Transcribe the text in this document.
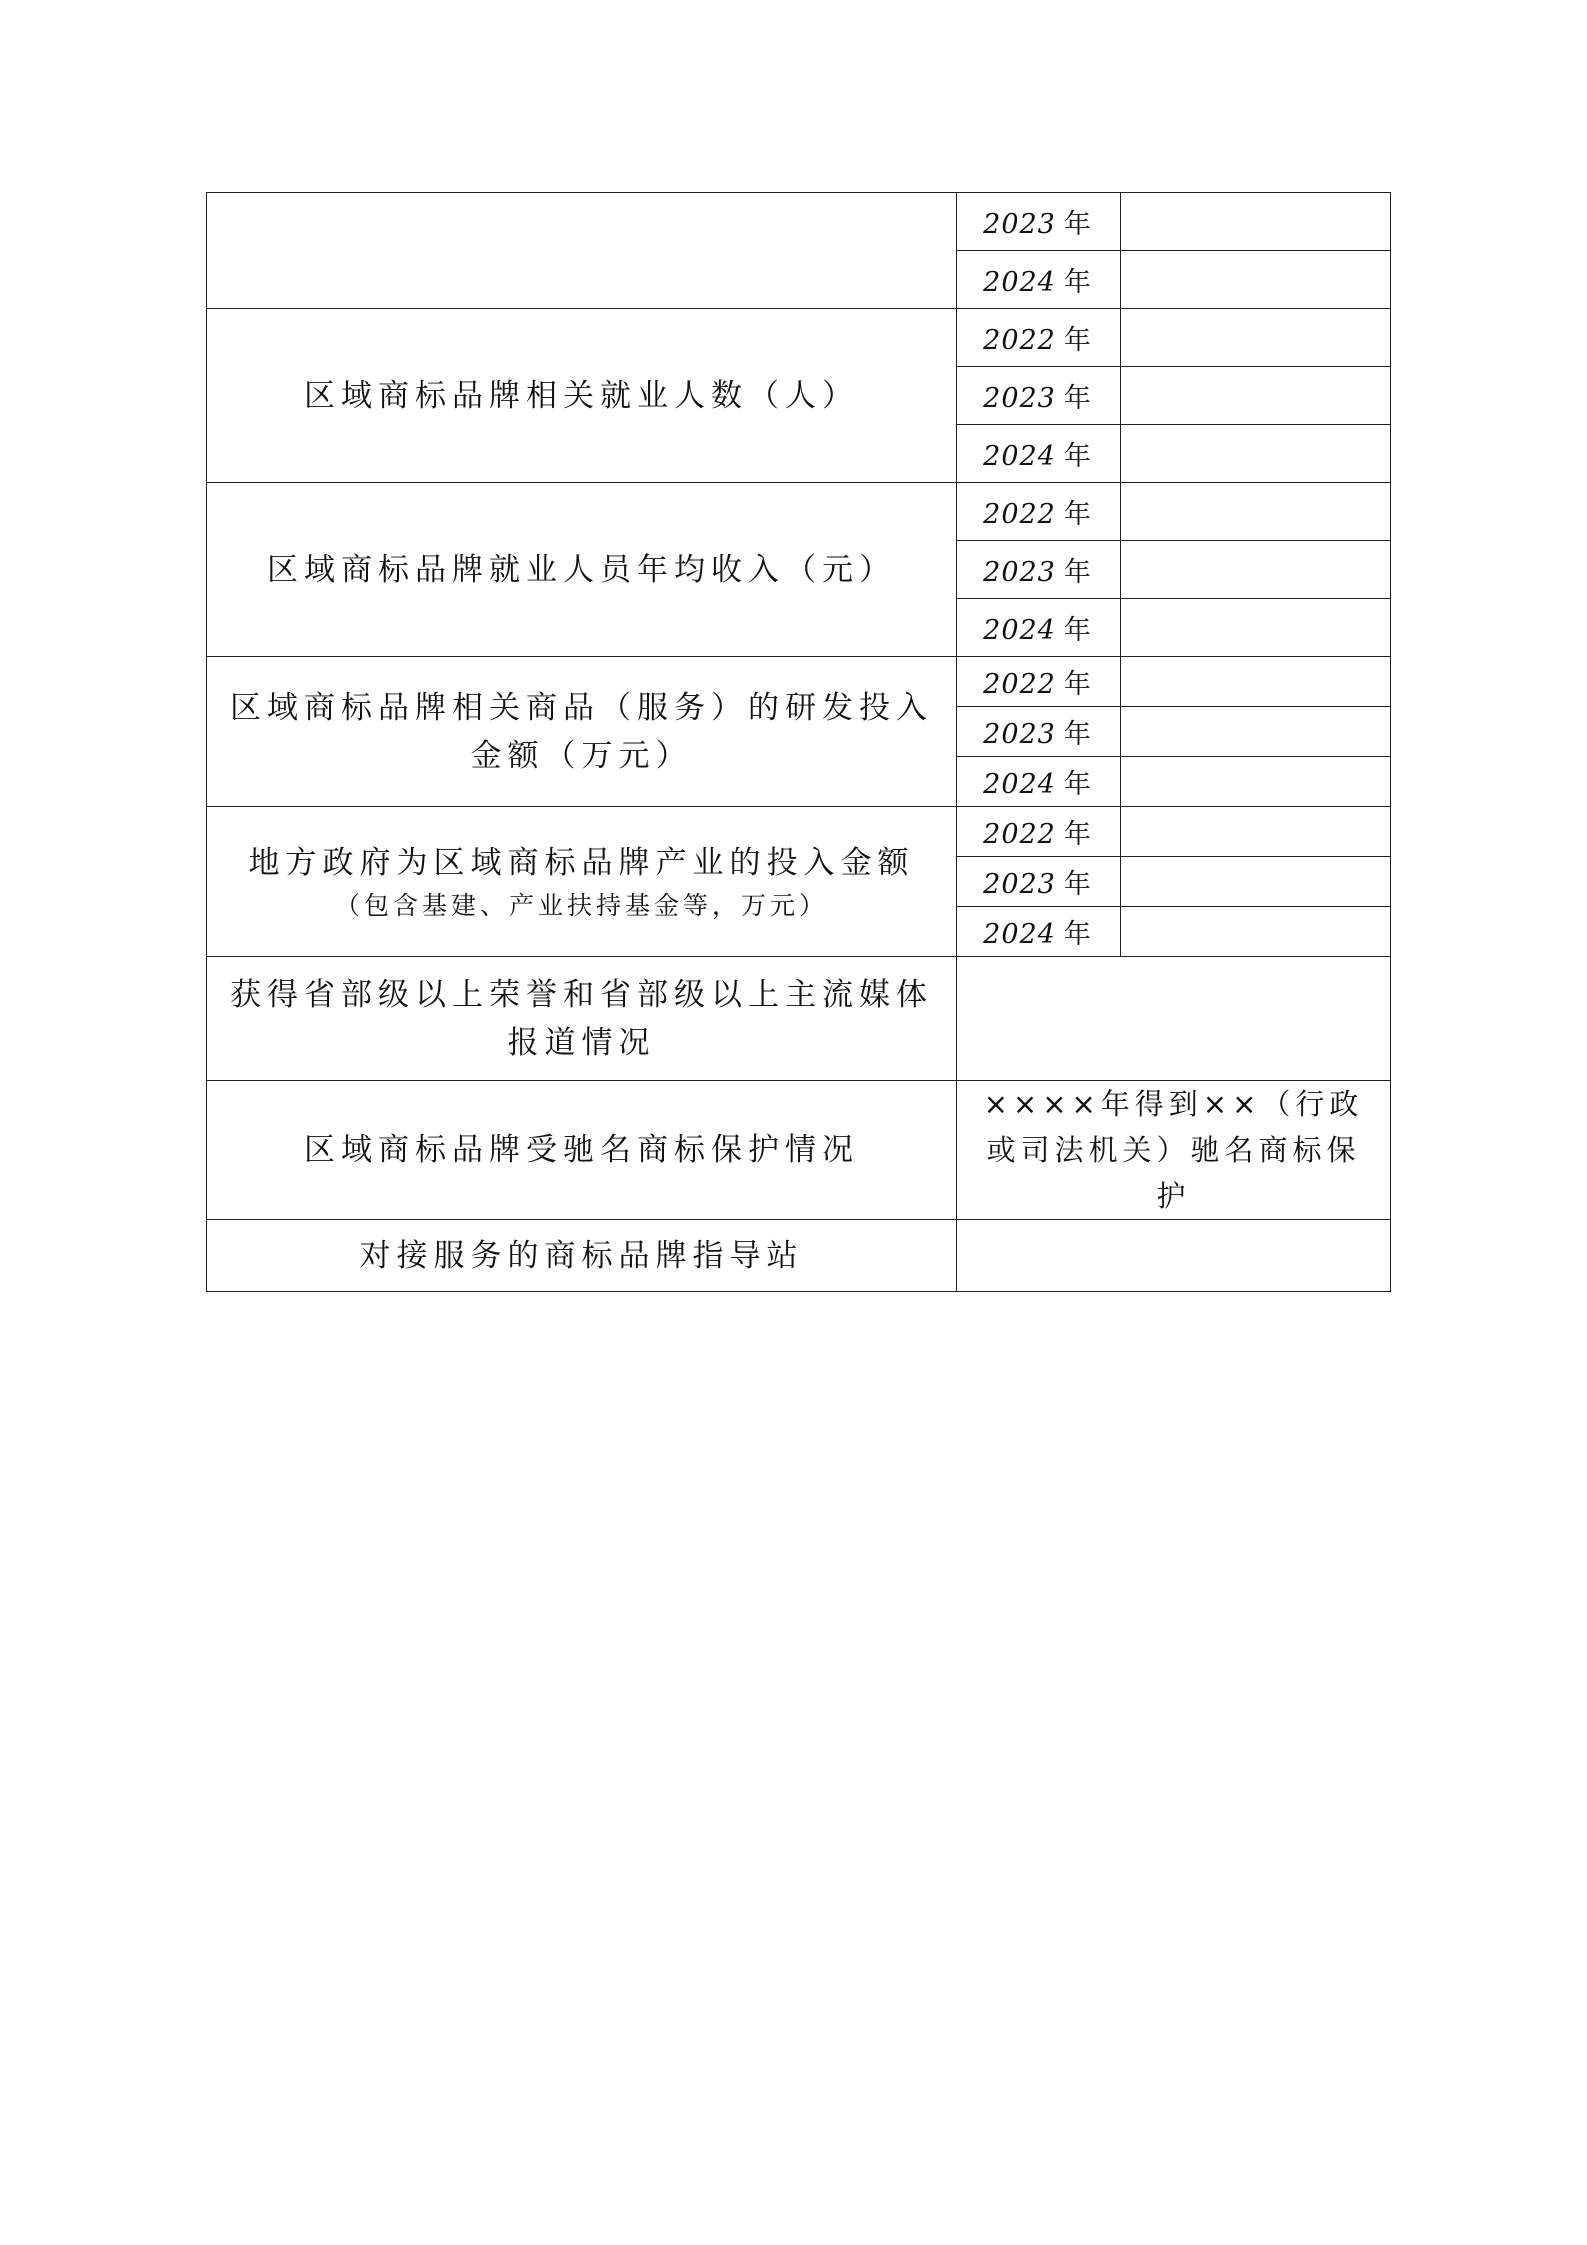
	2023 年	
	2024 年	
区域商标品牌相关就业人数（人）	2022 年	
	2023 年	
	2024 年	
区域商标品牌就业人员年均收入（元）	2022 年	
	2023 年	
	2024 年	
区域商标品牌相关商品（服务）的研发投入金额（万元）	2022 年	
	2023 年	
	2024 年	
地方政府为区域商标品牌产业的投入金额
（包含基建、产业扶持基金等，万元）	2022 年	
	2023 年	
	2024 年	
获得省部级以上荣誉和省部级以上主流媒体报道情况		
区域商标品牌受驰名商标保护情况	××××年得到××（行政或司法机关）驰名商标保护	
对接服务的商标品牌指导站		
